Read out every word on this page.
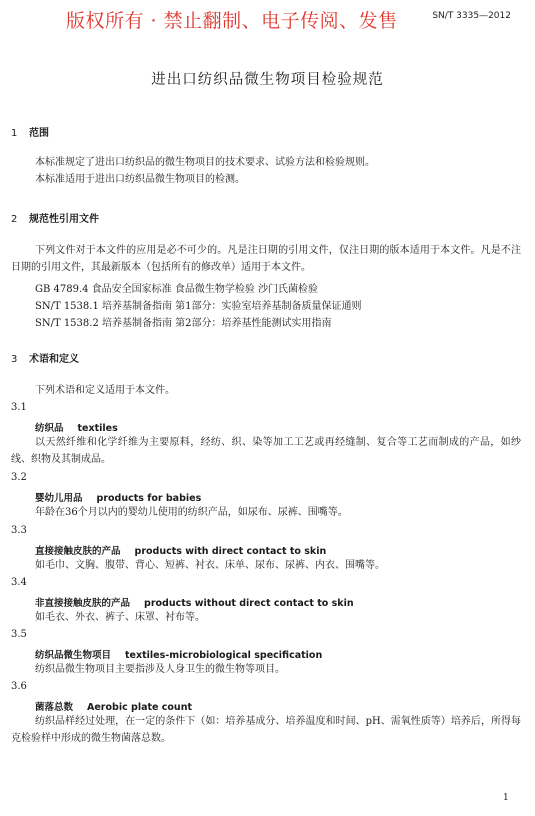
版权所有 · 禁止翻制、电子传阅、发售	SN/T 3335—2012
进出口纺织品微生物项目检验规范
1 范围

本标准规定了进出口纺织品的微生物项目的技术要求、试验方法和检验规则。

本标准适用于进出口纺织品微生物项目的检测。

2 规范性引用文件

下列文件对于本文件的应用是必不可少的。凡是注日期的引用文件，仅注日期的版本适用于本文件。凡是不注日期的引用文件，其最新版本（包括所有的修改单）适用于本文件。

GB 4789.4 食品安全国家标准 食品微生物学检验 沙门氏菌检验
SN/T 1538.1 培养基制备指南 第1部分：实验室培养基制备质量保证通则
SN/T 1538.2 培养基制备指南 第2部分：培养基性能测试实用指南
3 术语和定义

下列术语和定义适用于本文件。

3.1
纺织品 textiles

以天然纤维和化学纤维为主要原料，经纺、织、染等加工工艺或再经缝制、复合等工艺而制成的产品，如纱线、织物及其制成品。

3.2
婴幼儿用品 products for babies

年龄在36个月以内的婴幼儿使用的纺织产品，如尿布、尿裤、围嘴等。

3.3
直接接触皮肤的产品 products with direct contact to skin

如毛巾、文胸、腹带、背心、短裤、衬衣、床单、尿布、尿裤、内衣、围嘴等。

3.4
非直接接触皮肤的产品 products without direct contact to skin

如毛衣、外衣、裤子、床罩、衬布等。

3.5
纺织品微生物项目 textiles-microbiological specification

纺织品微生物项目主要指涉及人身卫生的微生物等项目。

3.6
菌落总数 Aerobic plate count

纺织品样经过处理，在一定的条件下（如：培养基成分、培养温度和时间、pH、需氧性质等）培养后，所得每克检验样中形成的微生物菌落总数。

1
